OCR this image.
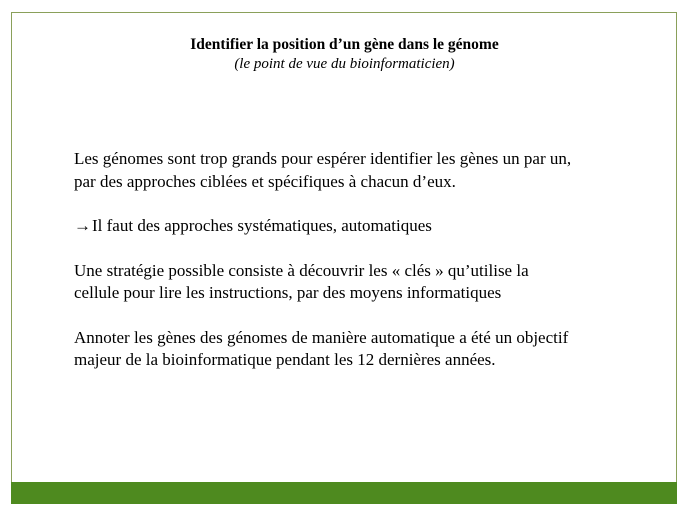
Identifier la position d’un gène dans le génome

(le point de vue du bioinformaticien)

Les génomes sont trop grands pour espérer identifier les gènes un par un,
par des approches ciblées et spécifiques à chacun d’eux.

→Il faut des approches systématiques, automatiques

Une stratégie possible consiste à découvrir les « clés » qu’utilise la
cellule pour lire les instructions, par des moyens informatiques

Annoter les gènes des génomes de manière automatique a été un objectif
majeur de la bioinformatique pendant les 12 dernières années.
